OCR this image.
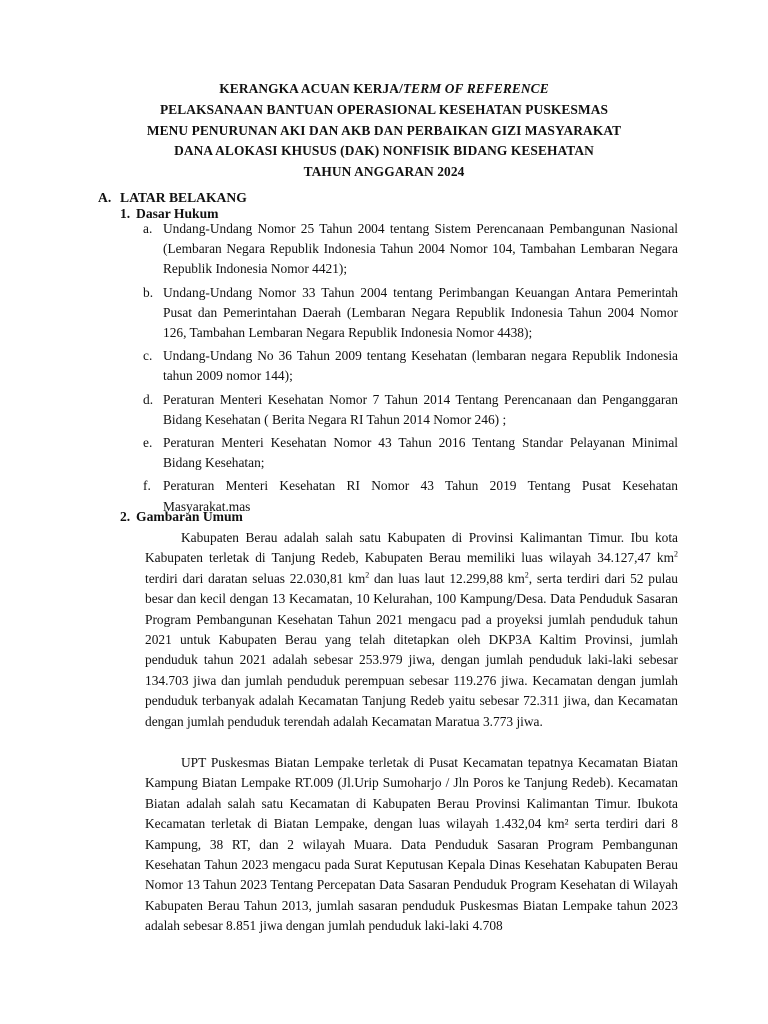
KERANGKA ACUAN KERJA/TERM OF REFERENCE
PELAKSANAAN BANTUAN OPERASIONAL KESEHATAN PUSKESMAS
MENU PENURUNAN AKI DAN AKB DAN PERBAIKAN GIZI MASYARAKAT
DANA ALOKASI KHUSUS (DAK) NONFISIK BIDANG KESEHATAN
TAHUN ANGGARAN 2024
A. LATAR BELAKANG
1. Dasar Hukum
a. Undang-Undang Nomor 25 Tahun 2004 tentang Sistem Perencanaan Pembangunan Nasional (Lembaran Negara Republik Indonesia Tahun 2004 Nomor 104, Tambahan Lembaran Negara Republik Indonesia Nomor 4421);
b. Undang-Undang Nomor 33 Tahun 2004 tentang Perimbangan Keuangan Antara Pemerintah Pusat dan Pemerintahan Daerah (Lembaran Negara Republik Indonesia Tahun 2004 Nomor 126, Tambahan Lembaran Negara Republik Indonesia Nomor 4438);
c. Undang-Undang No 36 Tahun 2009 tentang Kesehatan (lembaran negara Republik Indonesia tahun 2009 nomor 144);
d. Peraturan Menteri Kesehatan Nomor 7 Tahun 2014 Tentang Perencanaan dan Penganggaran Bidang Kesehatan ( Berita Negara RI Tahun 2014 Nomor 246) ;
e. Peraturan Menteri Kesehatan Nomor 43 Tahun 2016 Tentang Standar Pelayanan Minimal Bidang Kesehatan;
f. Peraturan Menteri Kesehatan RI Nomor 43 Tahun 2019 Tentang Pusat Kesehatan Masyarakat.mas
2. Gambaran Umum
Kabupaten Berau adalah salah satu Kabupaten di Provinsi Kalimantan Timur. Ibu kota Kabupaten terletak di Tanjung Redeb, Kabupaten Berau memiliki luas wilayah 34.127,47 $km^2$ terdiri dari daratan seluas 22.030,81 $km^2$ dan luas laut 12.299,88 $km^2$, serta terdiri dari 52 pulau besar dan kecil dengan 13 Kecamatan, 10 Kelurahan, 100 Kampung/Desa. Data Penduduk Sasaran Program Pembangunan Kesehatan Tahun 2021 mengacu pad a proyeksi jumlah penduduk tahun 2021 untuk Kabupaten Berau yang telah ditetapkan oleh DKP3A Kaltim Provinsi, jumlah penduduk tahun 2021 adalah sebesar 253.979 jiwa, dengan jumlah penduduk laki-laki sebesar 134.703 jiwa dan jumlah penduduk perempuan sebesar 119.276 jiwa. Kecamatan dengan jumlah penduduk terbanyak adalah Kecamatan Tanjung Redeb yaitu sebesar 72.311 jiwa, dan Kecamatan dengan jumlah penduduk terendah adalah Kecamatan Maratua 3.773 jiwa.
UPT Puskesmas Biatan Lempake terletak di Pusat Kecamatan tepatnya Kecamatan Biatan Kampung Biatan Lempake RT.009 (Jl.Urip Sumoharjo / Jln Poros ke Tanjung Redeb). Kecamatan Biatan adalah salah satu Kecamatan di Kabupaten Berau Provinsi Kalimantan Timur. Ibukota Kecamatan terletak di Biatan Lempake, dengan luas wilayah 1.432,04 km² serta terdiri dari 8 Kampung, 38 RT, dan 2 wilayah Muara. Data Penduduk Sasaran Program Pembangunan Kesehatan Tahun 2023 mengacu pada Surat Keputusan Kepala Dinas Kesehatan Kabupaten Berau Nomor 13 Tahun 2023 Tentang Percepatan Data Sasaran Penduduk Program Kesehatan di Wilayah Kabupaten Berau Tahun 2013, jumlah sasaran penduduk Puskesmas Biatan Lempake tahun 2023 adalah sebesar 8.851 jiwa dengan jumlah penduduk laki-laki 4.708
